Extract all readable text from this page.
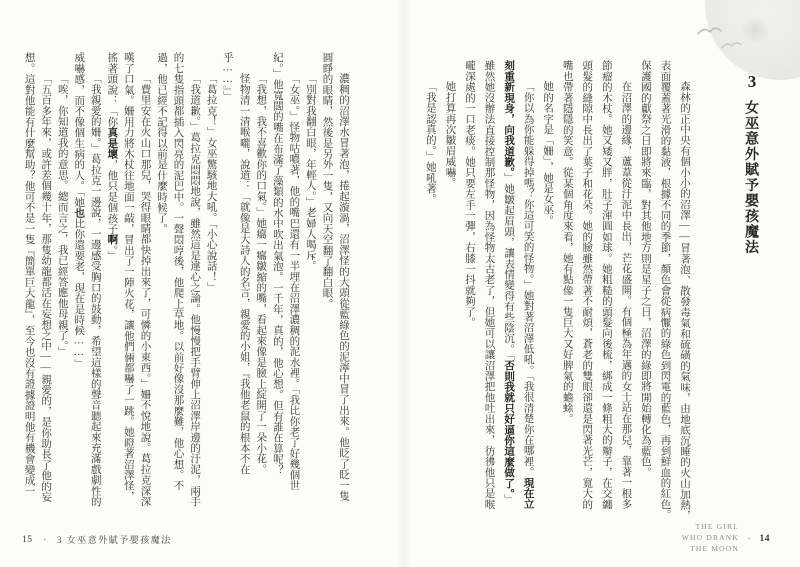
3
女巫意外賦予嬰孩魔法
森林的正中央有個小小的沼澤——冒著泡、散發毒氣和硫磺的氣味，由地底沉睡的火山加熱，
表面覆蓋著光滑的黏液，根據不同的季節，顏色會從病懨的綠色到閃電的藍色，再到鮮血的紅色。
保護國的獻祭之日即將來臨，對其他地方則是星子之日，沼澤的綠即將開始轉化為藍色。
在沼澤的邊緣，蘆葦從汙泥中長出，芒花盛開。有個極為年邁的女士站在那兒，靠著一根多
節瘤的木杖。她又矮又胖，肚子渾圓如球。她粗糙的頭髮向後梳，綁成一條粗大的辮子，在交纏
頭髮的縫隙中長出了葉子和花朵。她的臉雖然帶著不耐煩，蒼老的雙眼卻還是閃著光芒，寬大的
嘴也帶著隱隱的笑意。從某個角度來看，她有點像一隻巨大又好脾氣的蟾蜍。
她的名字是「姍」，她是女巫。
「你以為你能躲得掉嗎？你這可笑的怪物。」她對著沼澤低吼。「我很清楚你在哪裡。現在立
刻重新現身，向我道歉。」她皺起眉頭，讓表情變得有些陰沉。「否則我就只好逼你這麼做了。」
雖然她沒辦法直接控制那怪物，因為怪物太古老了，但她可以讓沼澤把他吐出來，彷彿他只是喉
嚨深處的一口老痰。她只要左手一彈，右膝一抖就夠了。
她打算再次皺眉威嚇。
「我是認真的。」她吼著。
THE GIRL
WHO DRANK
THE MOON
• 14
濃稠的沼澤水冒著泡，捲起漩渦，沼澤怪的大頭從藍綠色的泥濘中冒了出來。他眨了眨一隻
圓睜的眼睛，然後是另外一隻，又向天空翻了翻白眼。
「別對我翻白眼，年輕人。」老婦人喝斥。
「女巫。」怪物咕噥著，他的嘴巴還有一半埋在沼澤濃稠的泥水裡。「我比你老了好幾個世
紀。」他寬闊的嘴在布滿了藻類的水中吹出氣泡。一千年，真的，他心想。但有誰在算呢？
「我想，我不喜歡你的口氣。」她癟一癟皺縮的嘴，看起來像是臉上綻開了一朵小花。
怪物清一清喉嚨，說道：「就像是大詩人的名言，親愛的小姐，『我他老鼠的根本不在
乎……』」
「葛拉克！」女巫驚駭地大吼。「小心說話！」
「我道歉。」葛拉克悶悶地說，雖然這是違心之論。他慢慢把手臂伸上沼澤岸邊的汙泥，兩手
的七隻指頭都插入閃亮的泥巴中。一聲悶哼後，他爬上草地。以前好像沒那麼難，他心想。不
過，他已經不記得以前是什麼時候了。
「費里安在火山口那兒，哭得眼睛都快掉出來了，可憐的小東西。」姍不悅地說。葛拉克深深
嘆了口氣。姍用力將木杖往地面一敲，冒出了一陣火花，讓他們倆都嚇了一跳。她瞪著沼澤怪，
搖著頭說：「你真是壞，他只是個孩子啊。」
「我親愛的姍。」葛拉克一邊說，一邊感受胸口的鼓動，希望這樣的聲音聽起來充滿戲劇性的
威嚇感，而不像個生病的人。「她也比你還要老，現在是時候……」
「唉，你知道我的意思。總而言之，我已經答應他母親了。」
「五百多年來，或許差個幾十年，那隻幼龍都活在妄想之中——親愛的，是你助長了他的妄
想。這對他能有什麼幫助？他可不是一隻『簡單巨大龍』，至今也沒有證據證明他有機會變成一
15 • 3 女巫意外賦予嬰孩魔法
